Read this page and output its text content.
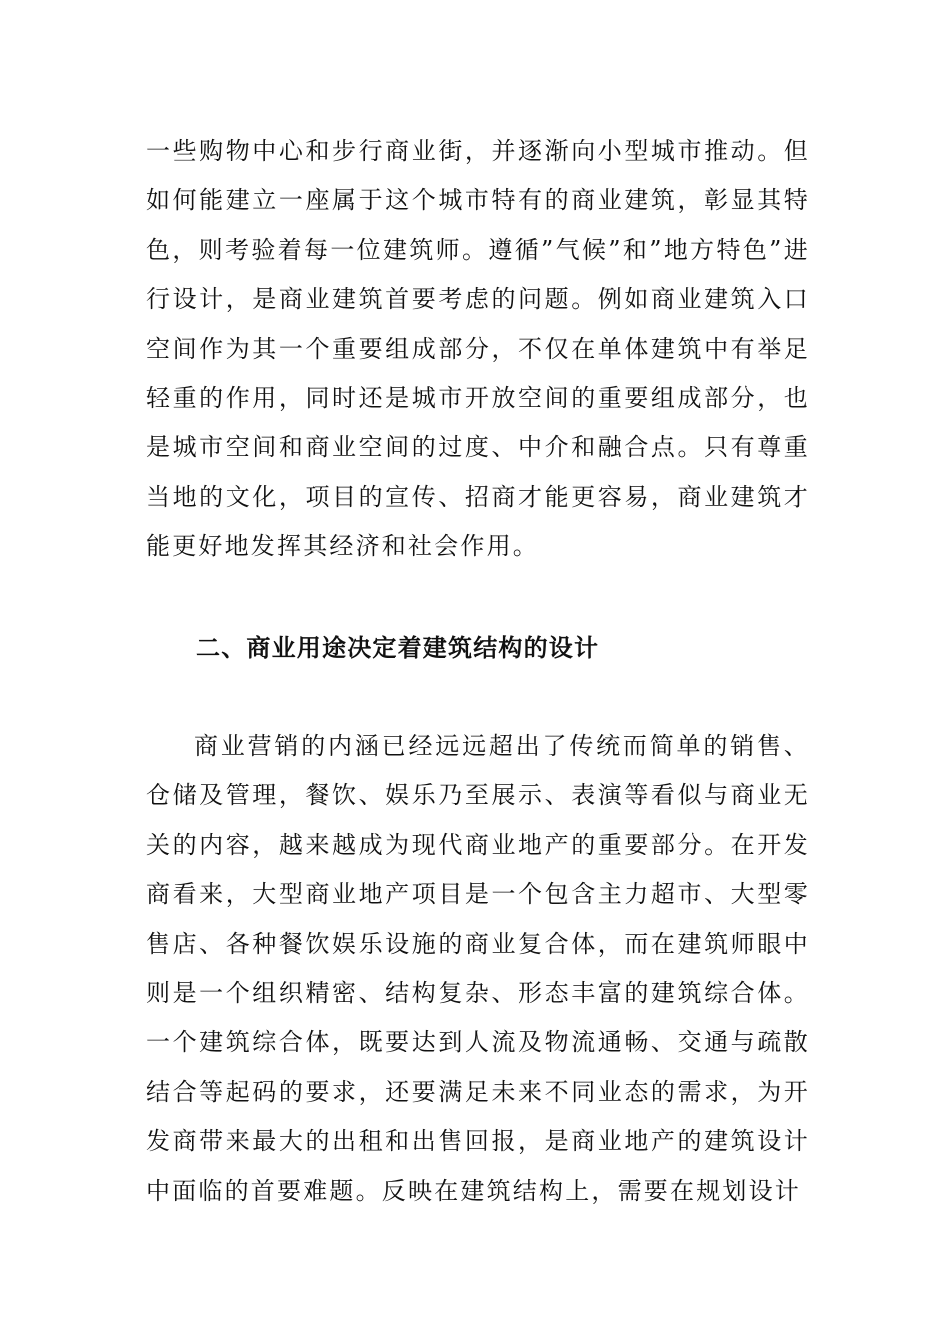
一些购物中心和步行商业街，并逐渐向小型城市推动。但如何能建立一座属于这个城市特有的商业建筑，彰显其特色，则考验着每一位建筑师。遵循”气候”和”地方特色”进行设计，是商业建筑首要考虑的问题。例如商业建筑入口空间作为其一个重要组成部分，不仅在单体建筑中有举足轻重的作用，同时还是城市开放空间的重要组成部分，也是城市空间和商业空间的过度、中介和融合点。只有尊重当地的文化，项目的宣传、招商才能更容易，商业建筑才能更好地发挥其经济和社会作用。

二、商业用途决定着建筑结构的设计

商业营销的内涵已经远远超出了传统而简单的销售、仓储及管理，餐饮、娱乐乃至展示、表演等看似与商业无关的内容，越来越成为现代商业地产的重要部分。在开发商看来，大型商业地产项目是一个包含主力超市、大型零售店、各种餐饮娱乐设施的商业复合体，而在建筑师眼中则是一个组织精密、结构复杂、形态丰富的建筑综合体。一个建筑综合体，既要达到人流及物流通畅、交通与疏散结合等起码的要求，还要满足未来不同业态的需求，为开发商带来最大的出租和出售回报，是商业地产的建筑设计中面临的首要难题。反映在建筑结构上，需要在规划设计
